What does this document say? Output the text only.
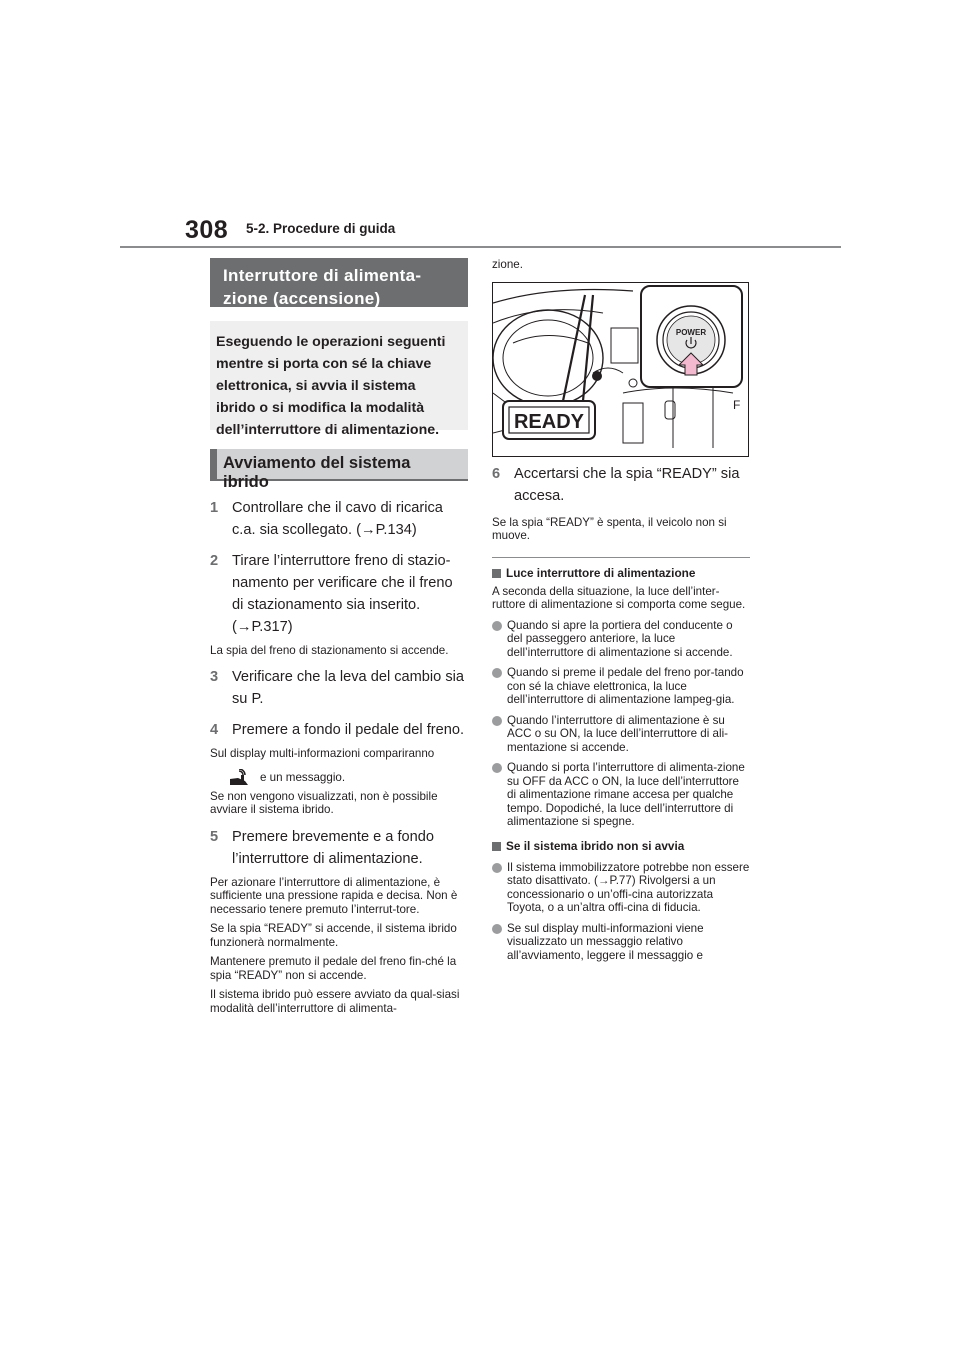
308 5-2. Procedure di guida
Interruttore di alimenta-
zione (accensione)
Eseguendo le operazioni seguenti mentre si porta con sé la chiave elettronica, si avvia il sistema ibrido o si modifica la modalità dell’interruttore di alimentazione.
Avviamento del sistema ibrido
1 Controllare che il cavo di ricarica c.a. sia scollegato. (→P.134)
2 Tirare l’interruttore freno di stazio-namento per verificare che il freno di stazionamento sia inserito. (→P.317)
La spia del freno di stazionamento si accende.
3 Verificare che la leva del cambio sia su P.
4 Premere a fondo il pedale del freno.
Sul display multi-informazioni compariranno
e un messaggio.
Se non vengono visualizzati, non è possibile avviare il sistema ibrido.
5 Premere brevemente e a fondo l’interruttore di alimentazione.
Per azionare l’interruttore di alimentazione, è sufficiente una pressione rapida e decisa. Non è necessario tenere premuto l’interrut-tore.
Se la spia “READY” si accende, il sistema ibrido funzionerà normalmente.
Mantenere premuto il pedale del freno fin-ché la spia “READY” non si accende.
Il sistema ibrido può essere avviato da qual-siasi modalità dell’interruttore di alimenta-
zione.
POWER
READY
F
6 Accertarsi che la spia “READY” sia accesa.
Se la spia “READY” è spenta, il veicolo non si muove.
Luce interruttore di alimentazione
A seconda della situazione, la luce dell’inter-ruttore di alimentazione si comporta come segue.
Quando si apre la portiera del conducente o del passeggero anteriore, la luce dell’interruttore di alimentazione si accende.
Quando si preme il pedale del freno por-tando con sé la chiave elettronica, la luce dell’interruttore di alimentazione lampeg-gia.
Quando l’interruttore di alimentazione è su ACC o su ON, la luce dell’interruttore di ali-mentazione si accende.
Quando si porta l’interruttore di alimenta-zione su OFF da ACC o ON, la luce dell’interruttore di alimentazione rimane accesa per qualche tempo. Dopodiché, la luce dell’interruttore di alimentazione si spegne.
Se il sistema ibrido non si avvia
Il sistema immobilizzatore potrebbe non essere stato disattivato. (→P.77) Rivolgersi a un concessionario o un’offi-cina autorizzata Toyota, o a un’altra offi-cina di fiducia.
Se sul display multi-informazioni viene visualizzato un messaggio relativo all’avviamento, leggere il messaggio e
